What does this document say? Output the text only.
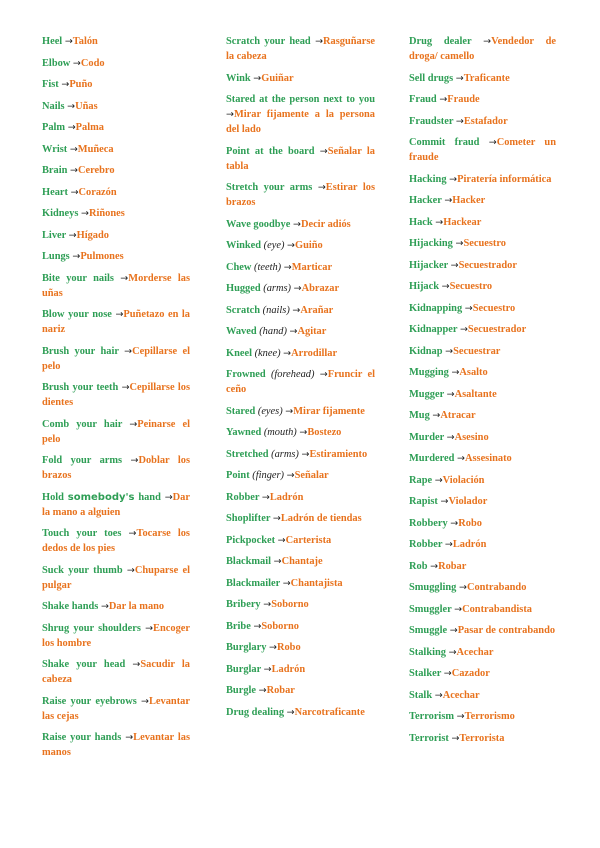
Heel →Talón
Elbow →Codo
Fist →Puño
Nails →Uñas
Palm →Palma
Wrist →Muñeca
Brain →Cerebro
Heart →Corazón
Kidneys →Riñones
Liver →Hígado
Lungs →Pulmones
Bite your nails →Morderse las uñas
Blow your nose →Puñetazo en la nariz
Brush your hair →Cepillarse el pelo
Brush your teeth →Cepillarse los dientes
Comb your hair →Peinarse el pelo
Fold your arms →Doblar los brazos
Hold somebody's hand →Dar la mano a alguien
Touch your toes →Tocarse los dedos de los pies
Suck your thumb →Chuparse el pulgar
Shake hands →Dar la mano
Shrug your shoulders →Encoger los hombre
Shake your head →Sacudir la cabeza
Raise your eyebrows →Levantar las cejas
Raise your hands →Levantar las manos
Scratch your head →Rasguñarse la cabeza
Wink →Guiñar
Stared at the person next to you →Mirar fijamente a la persona del lado
Point at the board →Señalar la tabla
Stretch your arms →Estirar los brazos
Wave goodbye →Decir adiós
Winked (eye) →Guiño
Chew (teeth) →Marticar
Hugged (arms) →Abrazar
Scratch (nails) →Arañar
Waved (hand) →Agitar
Kneel (knee) →Arrodillar
Frowned (forehead) →Fruncir el ceño
Stared (eyes) →Mirar fijamente
Yawned (mouth) →Bostezo
Stretched (arms) →Estiramiento
Point (finger) →Señalar
Robber →Ladrón
Shoplifter →Ladrón de tiendas
Pickpocket →Carterista
Blackmail →Chantaje
Blackmailer →Chantajista
Bribery →Soborno
Bribe →Soborno
Burglary →Robo
Burglar →Ladrón
Burgle →Robar
Drug dealing →Narcotraficante
Drug dealer →Vendedor de droga/ camello
Sell drugs →Traficante
Fraud →Fraude
Fraudster →Estafador
Commit fraud →Cometer un fraude
Hacking →Piratería informática
Hacker →Hacker
Hack →Hackear
Hijacking →Secuestro
Hijacker →Secuestrador
Hijack →Secuestro
Kidnapping →Secuestro
Kidnapper →Secuestrador
Kidnap →Secuestrar
Mugging →Asalto
Mugger →Asaltante
Mug →Atracar
Murder →Asesino
Murdered →Assesinato
Rape →Violación
Rapist →Violador
Robbery →Robo
Robber →Ladrón
Rob →Robar
Smuggling →Contrabando
Smuggler →Contrabandista
Smuggle →Pasar de contrabando
Stalking →Acechar
Stalker →Cazador
Stalk →Acechar
Terrorism →Terrorismo
Terrorist →Terrorista
